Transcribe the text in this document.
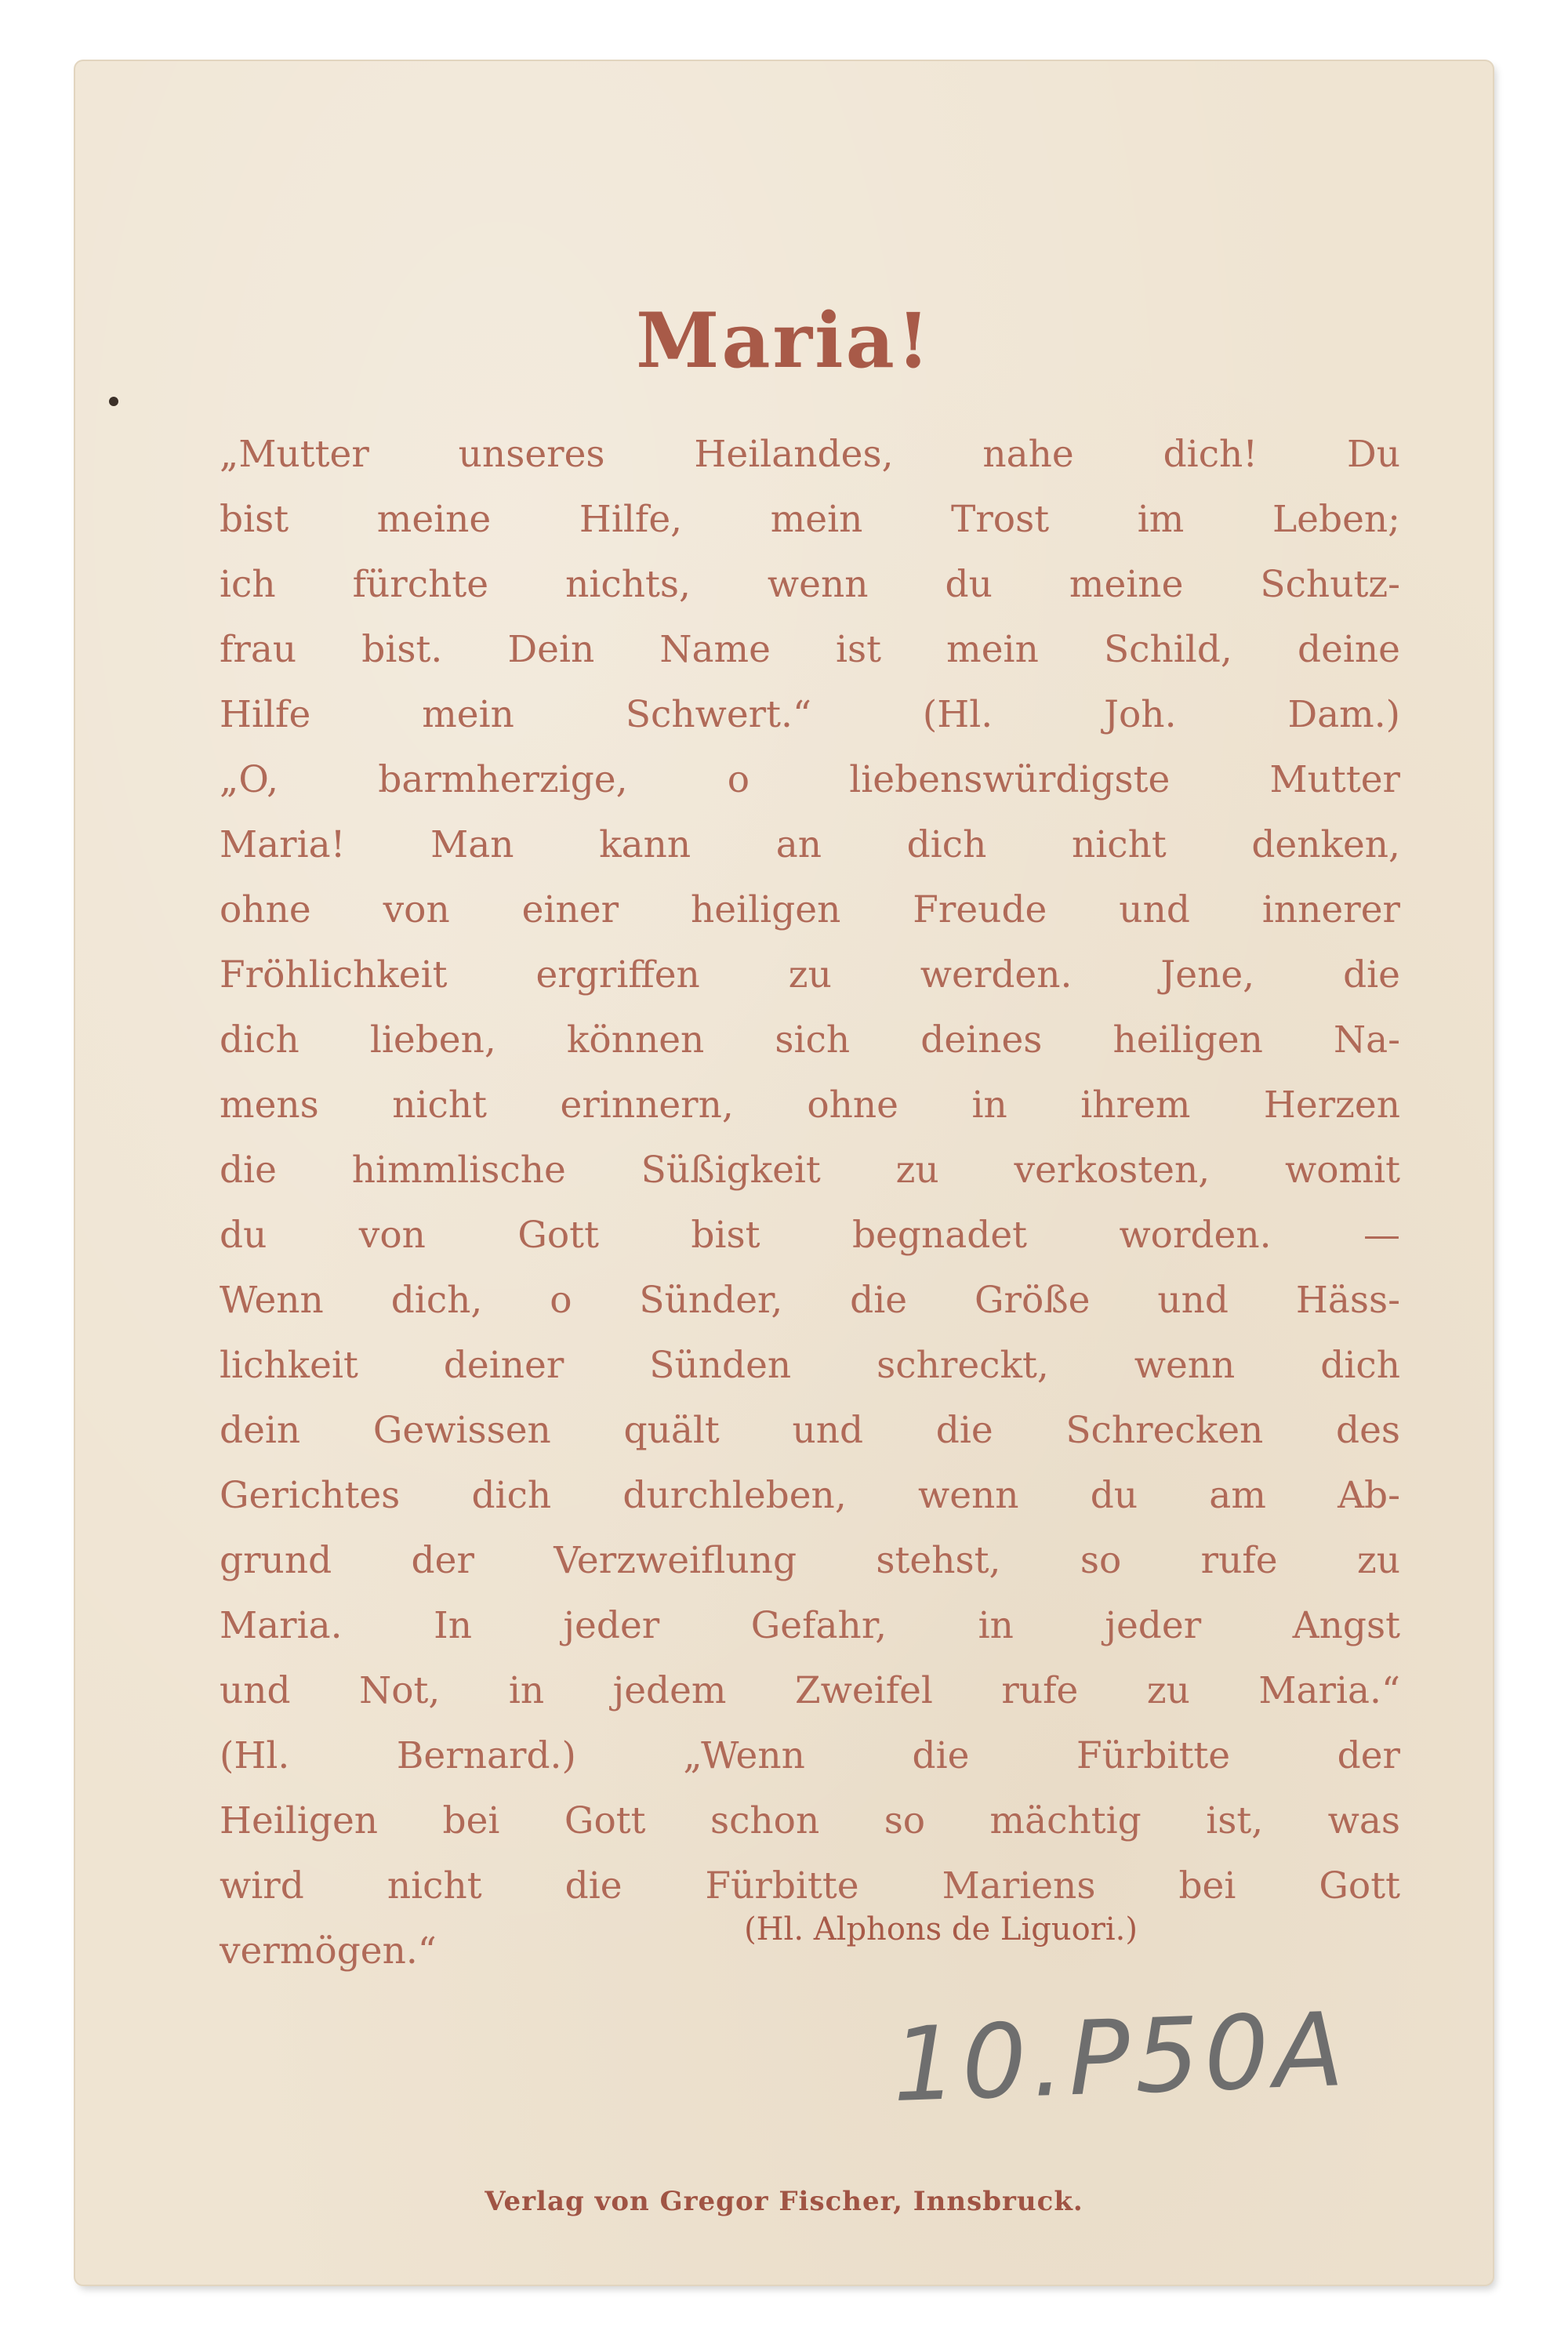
Maria!
„Mutter unseres Heilandes, nahe dich! Du
bist meine Hilfe, mein Trost im Leben;
ich fürchte nichts, wenn du meine Schutz-
frau bist. Dein Name ist mein Schild, deine
Hilfe mein Schwert.“ (Hl. Joh. Dam.)
„O, barmherzige, o liebenswürdigste Mutter
Maria! Man kann an dich nicht denken,
ohne von einer heiligen Freude und innerer
Fröhlichkeit ergriffen zu werden. Jene, die
dich lieben, können sich deines heiligen Na-
mens nicht erinnern, ohne in ihrem Herzen
die himmlische Süßigkeit zu verkosten, womit
du von Gott bist begnadet worden. —
Wenn dich, o Sünder, die Größe und Häss-
lichkeit deiner Sünden schreckt, wenn dich
dein Gewissen quält und die Schrecken des
Gerichtes dich durchleben, wenn du am Ab-
grund der Verzweiflung stehst, so rufe zu
Maria. In jeder Gefahr, in jeder Angst
und Not, in jedem Zweifel rufe zu Maria.“
(Hl. Bernard.) „Wenn die Fürbitte der
Heiligen bei Gott schon so mächtig ist, was
wird nicht die Fürbitte Mariens bei Gott
vermögen.“	(Hl. Alphons de Liguori.)
10.P50A
Verlag von Gregor Fischer, Innsbruck.
